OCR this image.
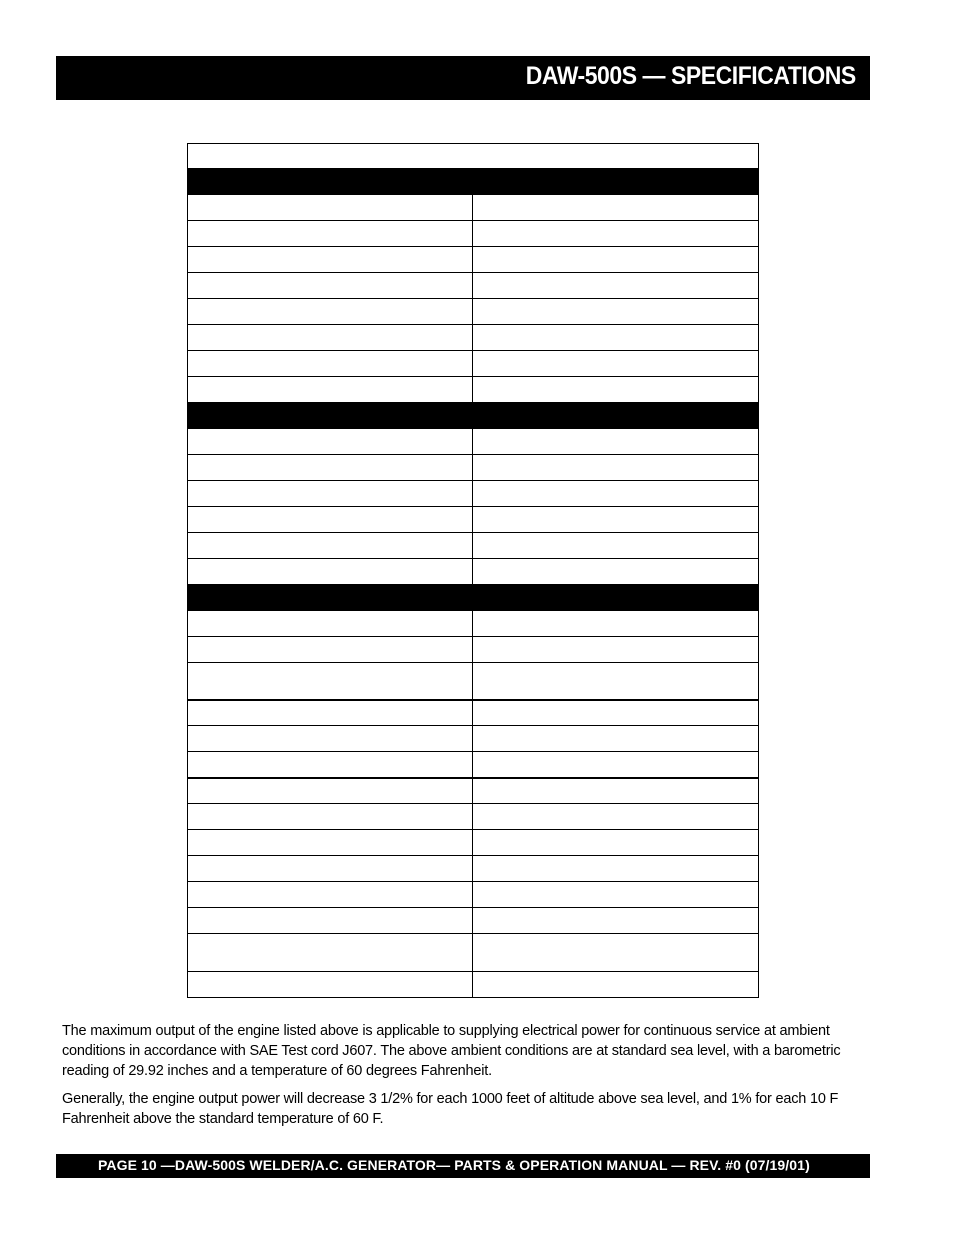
DAW-500S — SPECIFICATIONS

The maximum output of the engine listed above is applicable to supplying electrical power for continuous service at ambient conditions in accordance with SAE Test cord J607. The above ambient conditions are at standard sea level, with a barometric reading of 29.92 inches and a temperature of 60 degrees Fahrenheit.

Generally, the engine output power will decrease 3 1/2% for each 1000 feet of altitude above sea level, and 1% for each 10 F Fahrenheit above the standard temperature of 60 F.

PAGE 10 —DAW-500S WELDER/A.C. GENERATOR— PARTS & OPERATION MANUAL — REV. #0 (07/19/01)
